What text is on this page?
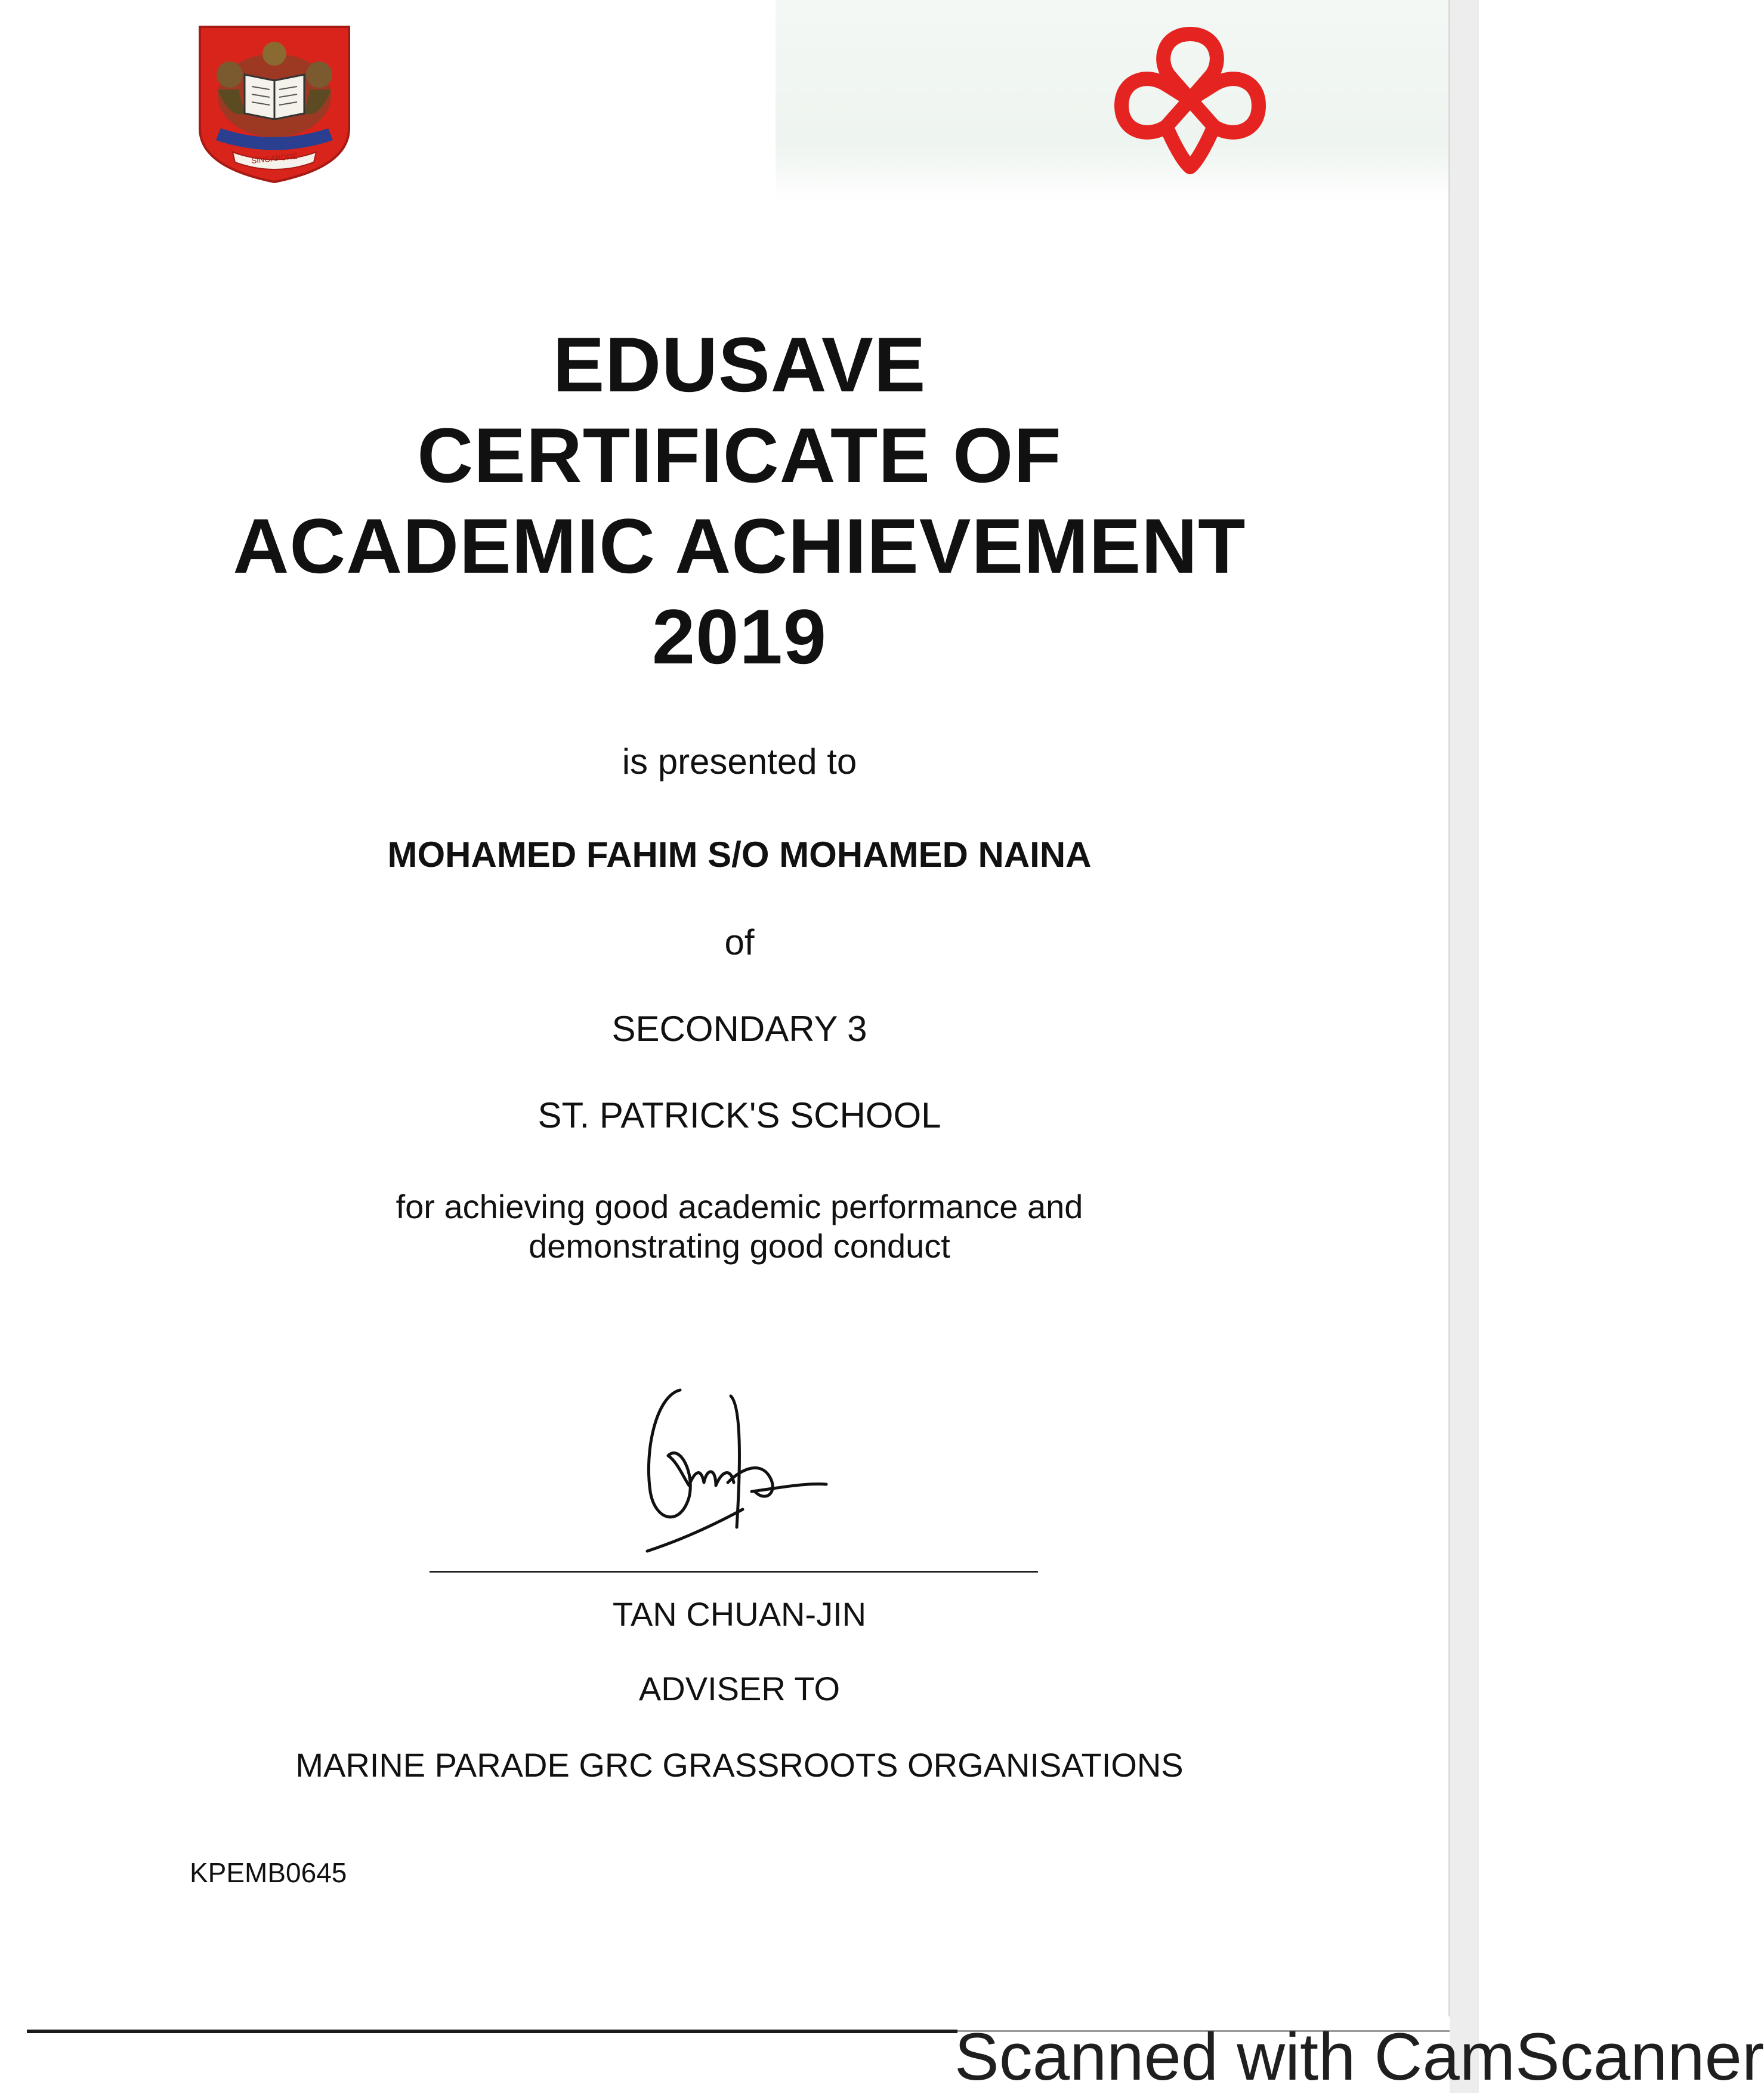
SINGAPORE
EDUSAVE
CERTIFICATE OF
ACADEMIC ACHIEVEMENT
2019
is presented to
MOHAMED FAHIM S/O MOHAMED NAINA
of
SECONDARY 3
ST. PATRICK'S SCHOOL
for achieving good academic performance and
demonstrating good conduct
TAN CHUAN-JIN
ADVISER TO
MARINE PARADE GRC GRASSROOTS ORGANISATIONS
KPEMB0645
Scanned with CamScanner
